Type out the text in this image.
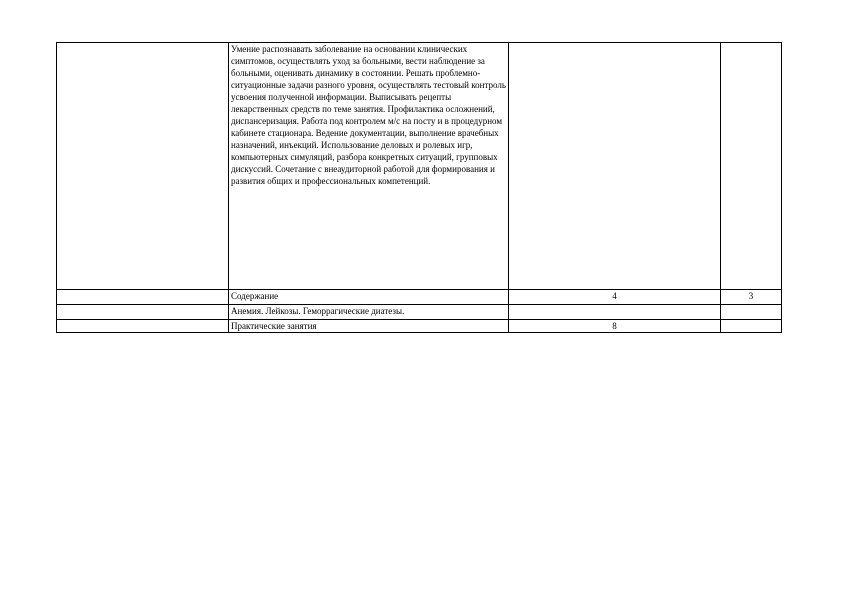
	Умение распознавать заболевание на основании клинических симптомов, осуществлять уход за больными, вести наблюдение за больными, оценивать динамику в состоянии. Решать проблемно-ситуационные задачи разного уровня, осуществлять тестовый контроль усвоения полученной информации. Выписывать рецепты лекарственных средств по теме занятия. Профилактика осложнений, диспансеризация. Работа под контролем м/с на посту и в процедурном кабинете стационара. Ведение документации, выполнение врачебных назначений, инъекций. Использование деловых и ролевых игр, компьютерных симуляций, разбора конкретных ситуаций, групповых дискуссий. Сочетание с внеаудиторной работой для формирования и развития общих и профессиональных компетенций.		

	Содержание	4	3
	Анемия. Лейкозы. Геморрагические диатезы.		
	Практические занятия	8	
